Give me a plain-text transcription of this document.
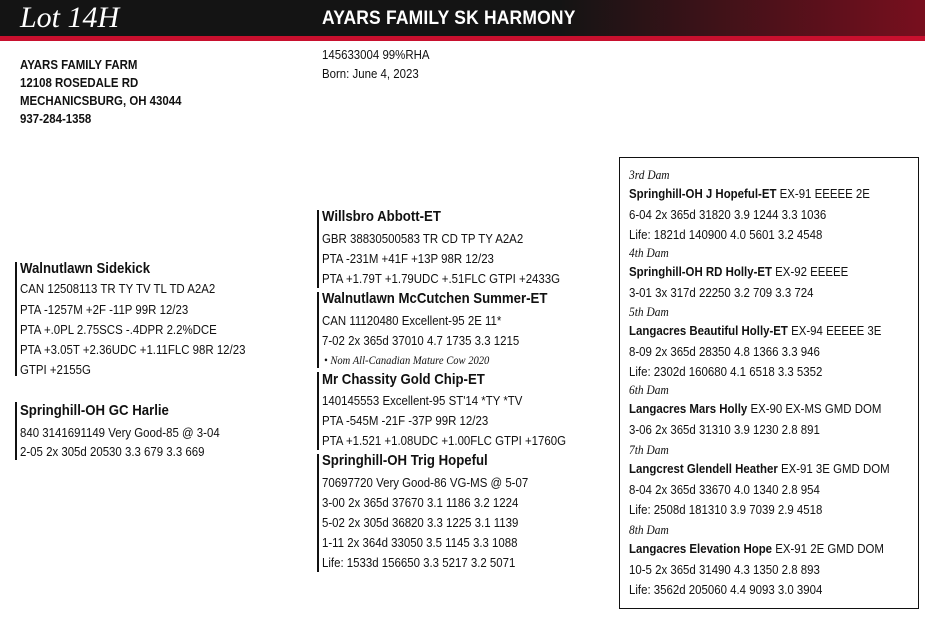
Lot 14H	AYARS FAMILY SK HARMONY
AYARS FAMILY FARM
12108 ROSEDALE RD
MECHANICSBURG, OH 43044
937-284-1358
145633004 99%RHA
Born: June 4, 2023
Walnutlawn Sidekick
CAN 12508113 TR TY TV TL TD A2A2
PTA -1257M +2F -11P 99R 12/23
PTA +.0PL 2.75SCS -.4DPR 2.2%DCE
PTA +3.05T +2.36UDC +1.11FLC 98R 12/23
GTPI +2155G
Springhill-OH GC Harlie
840 3141691149 Very Good-85 @ 3-04
2-05 2x 305d 20530 3.3 679 3.3 669
Willsbro Abbott-ET
GBR 38830500583 TR CD TP TY A2A2
PTA -231M +41F +13P 98R 12/23
PTA +1.79T +1.79UDC +.51FLC GTPI +2433G
Walnutlawn McCutchen Summer-ET
CAN 11120480 Excellent-95 2E 11*
7-02 2x 365d 37010 4.7 1735 3.3 1215
• Nom All-Canadian Mature Cow 2020
Mr Chassity Gold Chip-ET
140145553 Excellent-95 ST'14 *TY *TV
PTA -545M -21F -37P 99R 12/23
PTA +1.521 +1.08UDC +1.00FLC GTPI +1760G
Springhill-OH Trig Hopeful
70697720 Very Good-86 VG-MS @ 5-07
3-00 2x 365d 37670 3.1 1186 3.2 1224
5-02 2x 305d 36820 3.3 1225 3.1 1139
1-11 2x 364d 33050 3.5 1145 3.3 1088
Life: 1533d 156650 3.3 5217 3.2 5071
3rd Dam
Springhill-OH J Hopeful-ET EX-91 EEEEE 2E
6-04 2x 365d 31820 3.9 1244 3.3 1036
Life: 1821d 140900 4.0 5601 3.2 4548
4th Dam
Springhill-OH RD Holly-ET EX-92 EEEEE
3-01 3x 317d 22250 3.2 709 3.3 724
5th Dam
Langacres Beautiful Holly-ET EX-94 EEEEE 3E
8-09 2x 365d 28350 4.8 1366 3.3 946
Life: 2302d 160680 4.1 6518 3.3 5352
6th Dam
Langacres Mars Holly EX-90 EX-MS GMD DOM
3-06 2x 365d 31310 3.9 1230 2.8 891
7th Dam
Langcrest Glendell Heather EX-91 3E GMD DOM
8-04 2x 365d 33670 4.0 1340 2.8 954
Life: 2508d 181310 3.9 7039 2.9 4518
8th Dam
Langacres Elevation Hope EX-91 2E GMD DOM
10-5 2x 365d 31490 4.3 1350 2.8 893
Life: 3562d 205060 4.4 9093 3.0 3904
